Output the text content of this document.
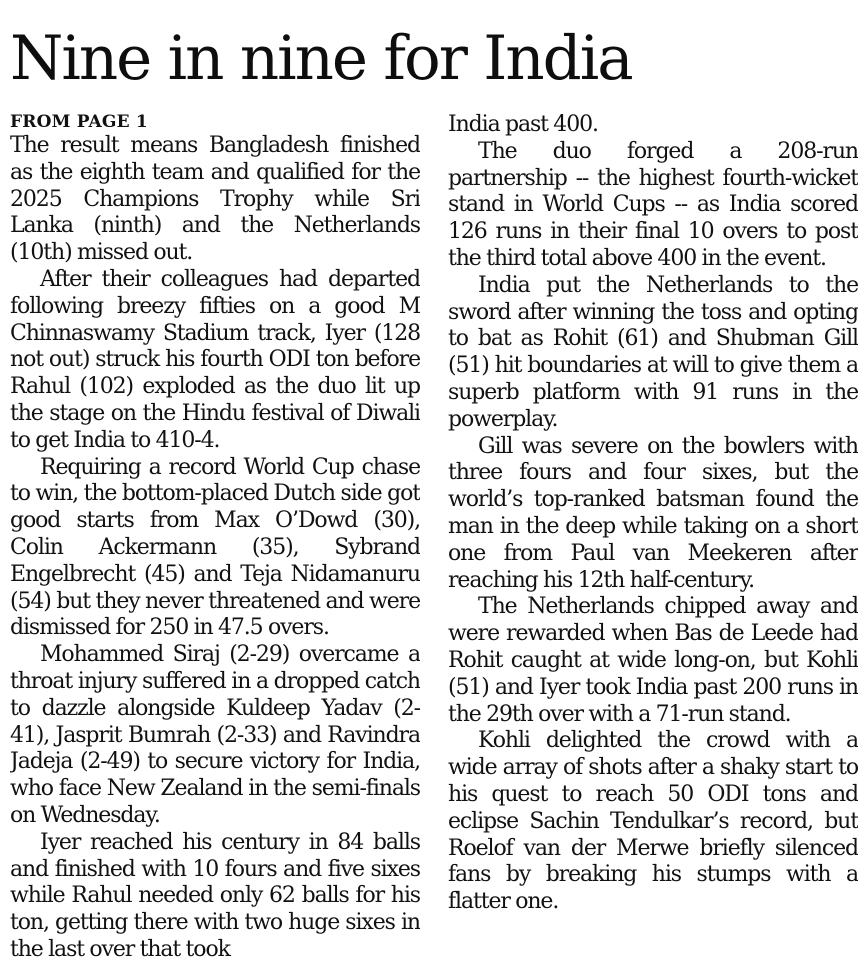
Nine in nine for India
FROM PAGE 1

The result means Bangladesh finished as the eighth team and qualified for the 2025 Champions Trophy while Sri Lanka (ninth) and the Netherlands (10th) missed out.

After their colleagues had departed following breezy fifties on a good M Chinnaswamy Stadium track, Iyer (128 not out) struck his fourth ODI ton before Rahul (102) exploded as the duo lit up the stage on the Hindu festival of Diwali to get India to 410-4.

Requiring a record World Cup chase to win, the bottom-placed Dutch side got good starts from Max O’Dowd (30), Colin Ackermann (35), Sybrand Engelbrecht (45) and Teja Nidamanuru (54) but they never threatened and were dismissed for 250 in 47.5 overs.

Mohammed Siraj (2-29) overcame a throat injury suffered in a dropped catch to dazzle alongside Kuldeep Yadav (2-41), Jasprit Bumrah (2-33) and Ravindra Jadeja (2-49) to secure victory for India, who face New Zealand in the semi-finals on Wednesday.

Iyer reached his century in 84 balls and finished with 10 fours and five sixes while Rahul needed only 62 balls for his ton, getting there with two huge sixes in the last over that took

India past 400.

The duo forged a 208-run partnership -- the highest fourth-wicket stand in World Cups -- as India scored 126 runs in their final 10 overs to post the third total above 400 in the event.

India put the Netherlands to the sword after winning the toss and opting to bat as Rohit (61) and Shubman Gill (51) hit boundaries at will to give them a superb platform with 91 runs in the powerplay.

Gill was severe on the bowlers with three fours and four sixes, but the world’s top-ranked batsman found the man in the deep while taking on a short one from Paul van Meekeren after reaching his 12th half-century.

The Netherlands chipped away and were rewarded when Bas de Leede had Rohit caught at wide long-on, but Kohli (51) and Iyer took India past 200 runs in the 29th over with a 71-run stand.

Kohli delighted the crowd with a wide array of shots after a shaky start to his quest to reach 50 ODI tons and eclipse Sachin Tendulkar’s record, but Roelof van der Merwe briefly silenced fans by breaking his stumps with a flatter one.
